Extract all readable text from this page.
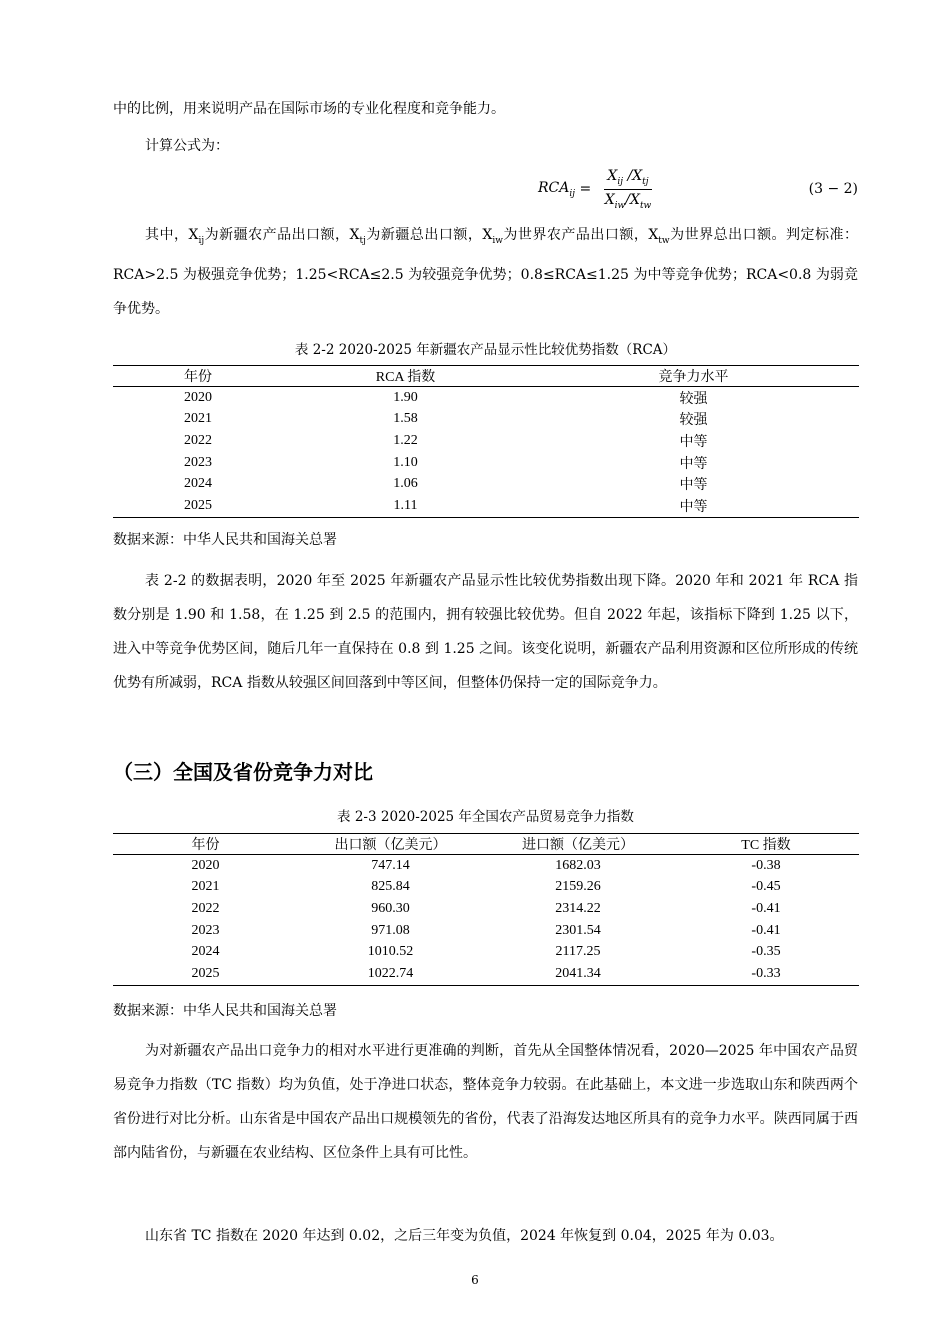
中的比例，用来说明产品在国际市场的专业化程度和竞争能力。

计算公式为：

$RCA_{ij} = \frac{X_{ij} /X_{tj}}{X_{iw}/X_{tw}}$	(3 − 2)

其中，$X_{ij}$为新疆农产品出口额，$X_{tj}$为新疆总出口额，$X_{iw}$为世界农产品出口额，$X_{tw}$为世界总出口额。判定标准：RCA>2.5 为极强竞争优势；1.25<RCA≤2.5 为较强竞争优势；0.8≤RCA≤1.25 为中等竞争优势；RCA<0.8 为弱竞争优势。

表 2-2 2020-2025 年新疆农产品显示性比较优势指数（RCA）
年份	RCA 指数	竞争力水平
2020	1.90	较强
2021	1.58	较强
2022	1.22	中等
2023	1.10	中等
2024	1.06	中等
2025	1.11	中等
数据来源：中华人民共和国海关总署

表 2-2 的数据表明，2020 年至 2025 年新疆农产品显示性比较优势指数出现下降。2020 年和 2021 年 RCA 指数分别是 1.90 和 1.58，在 1.25 到 2.5 的范围内，拥有较强比较优势。但自 2022 年起，该指标下降到 1.25 以下，进入中等竞争优势区间，随后几年一直保持在 0.8 到 1.25 之间。该变化说明，新疆农产品利用资源和区位所形成的传统优势有所减弱，RCA 指数从较强区间回落到中等区间，但整体仍保持一定的国际竞争力。

（三）全国及省份竞争力对比
表 2-3 2020-2025 年全国农产品贸易竞争力指数
年份	出口额（亿美元）	进口额（亿美元）	TC 指数
2020	747.14	1682.03	-0.38
2021	825.84	2159.26	-0.45
2022	960.30	2314.22	-0.41
2023	971.08	2301.54	-0.41
2024	1010.52	2117.25	-0.35
2025	1022.74	2041.34	-0.33
数据来源：中华人民共和国海关总署

为对新疆农产品出口竞争力的相对水平进行更准确的判断，首先从全国整体情况看，2020—2025 年中国农产品贸易竞争力指数（TC 指数）均为负值，处于净进口状态，整体竞争力较弱。在此基础上，本文进一步选取山东和陕西两个省份进行对比分析。山东省是中国农产品出口规模领先的省份，代表了沿海发达地区所具有的竞争力水平。陕西同属于西部内陆省份，与新疆在农业结构、区位条件上具有可比性。

山东省 TC 指数在 2020 年达到 0.02，之后三年变为负值，2024 年恢复到 0.04，2025 年为 0.03。

6
